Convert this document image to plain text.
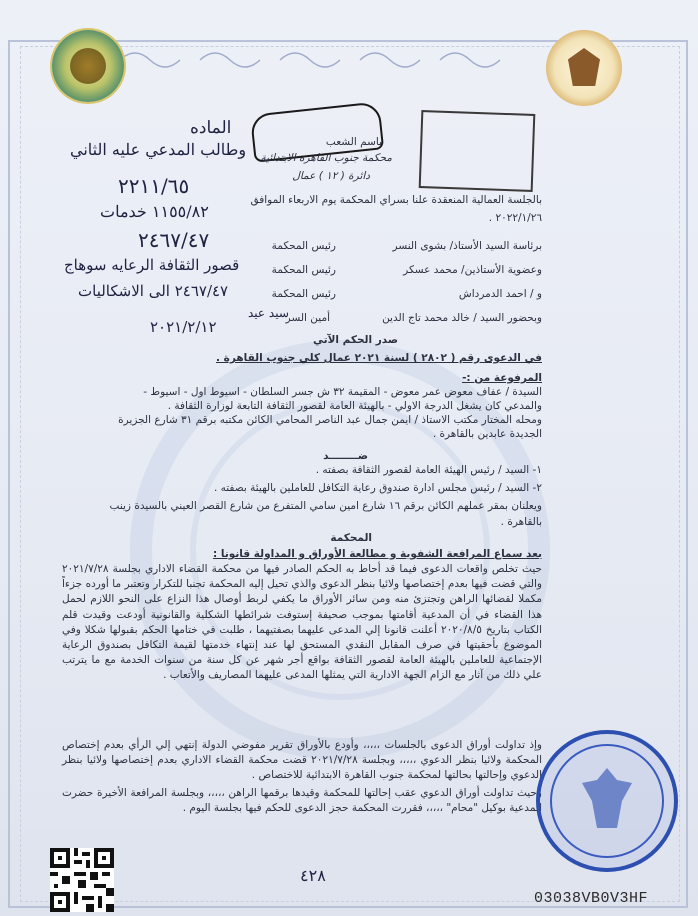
الماده
وطالب المدعي عليه الثاني
٢٢١١/٦٥
١١٥٥/٨٢ خدمات
٢٤٦٧/٤٧
قصور الثقافة الرعايه سوهاج
٢٤٦٧/٤٧ الى الاشكاليات
سيد عيد
٢٠٢١/٢/١٢
باسم الشعب
محكمة جنوب القاهرة الابتدائية
دائرة ( ١٢ ) عمال
بالجلسة العمالية المنعقدة علنا بسراي المحكمة يوم الاربعاء الموافق
٢٠٢٢/١/٢٦ .
برئاسة السيد الأستاذ/ بشوى النسر
رئيس المحكمة
وعضوية الأستاذين/ محمد عسكر
رئيس المحكمة
و / احمد الدمرداش
رئيس المحكمة
وبحضور السيد / خالد محمد تاج الدين
أمين السر
صدر الحكم الآتي
في الدعوى رقم ( ٢٨٠٢ ) لسنة ٢٠٢١ عمال كلي جنوب القاهرة .
المرفوعة من :-
السيدة / عفاف معوض عمر معوض - المقيمة ٣٢ ش جسر السلطان - اسيوط اول - اسيوط -
والمدعي كان يشغل الدرجة الاولي - بالهيئة العامة لقصور الثقافة التابعة لوزارة الثقافة .
ومحله المختار مكتب الاستاذ / ايمن جمال عبد الناصر المحامي الكائن مكتبه برقم ٣١ شارع الجزيرة
الجديدة عابدين بالقاهرة .
ضــــــــد
١- السيد / رئيس الهيئة العامة لقصور الثقافة بصفته .
٢- السيد / رئيس مجلس ادارة صندوق رعاية التكافل للعاملين بالهيئة بصفته .
ويعلنان بمقر عملهم الكائن برقم ١٦ شارع امين سامي المتفرع من شارع القصر العيني بالسيدة زينب
بالقاهرة .
المحكمة
بعد سماع المرافعة الشفوية و مطالعة الأوراق و المداولة قانونا :
حيث تخلص واقعات الدعوى فيما قد أحاط به الحكم الصادر فيها من محكمة القضاء الاداري بجلسة ٢٠٢١/٧/٢٨ والتي قضت فيها بعدم إختصاصها ولائيا بنظر الدعوى والذي تحيل إليه المحكمة تجنبا للتكرار وتعتبر ما أورده جزءاً مكملا لقضائها الراهن وتجتزئ منه ومن سائر الأوراق ما يكفي لربط أوصال هذا النزاع على النحو اللازم لحمل هذا القضاء في أن المدعية أقامتها بموجب صحيفة إستوفت شرائطها الشكلية والقانونية أودعت وقيدت قلم الكتاب بتاريخ ٢٠٢٠/٨/٥ أعلنت قانونا إلي المدعى عليهما بصفتيهما ، طلبت في ختامها الحكم بقبولها شكلا وفي الموضوع بأحقيتها في صرف المقابل النقدي المستحق لها عند إنتهاء خدمتها لقيمة التكافل بصندوق الرعاية الإجتماعية للعاملين بالهيئة العامة لقصور الثقافة بواقع أجر شهر عن كل سنة من سنوات الخدمة مع ما يترتب علي ذلك من آثار مع الزام الجهة الادارية التي يمثلها المدعى عليهما المصاريف والأتعاب .
وإذ تداولت أوراق الدعوى بالجلسات ،،،،، وأودع بالأوراق تقرير مفوضي الدولة إنتهي إلي الرأي بعدم إختصاص المحكمة ولائيا بنظر الدعوي ،،،،، وبجلسة ٢٠٢١/٧/٢٨ قضت محكمة القضاء الاداري بعدم إختصاصها ولائيا بنظر الدعوي وإحالتها بحالتها لمحكمة جنوب القاهرة الابتدائية للاختصاص .
وحيث تداولت أوراق الدعوي عقب إحالتها للمحكمة وقيدها برقمها الراهن ،،،،، وبجلسة المرافعة الأخيرة حضرت المدعية بوكيل "محام" ،،،،، فقررت المحكمة حجز الدعوى للحكم فيها بجلسة اليوم .
٤٢٨
03038VB0V3HF
